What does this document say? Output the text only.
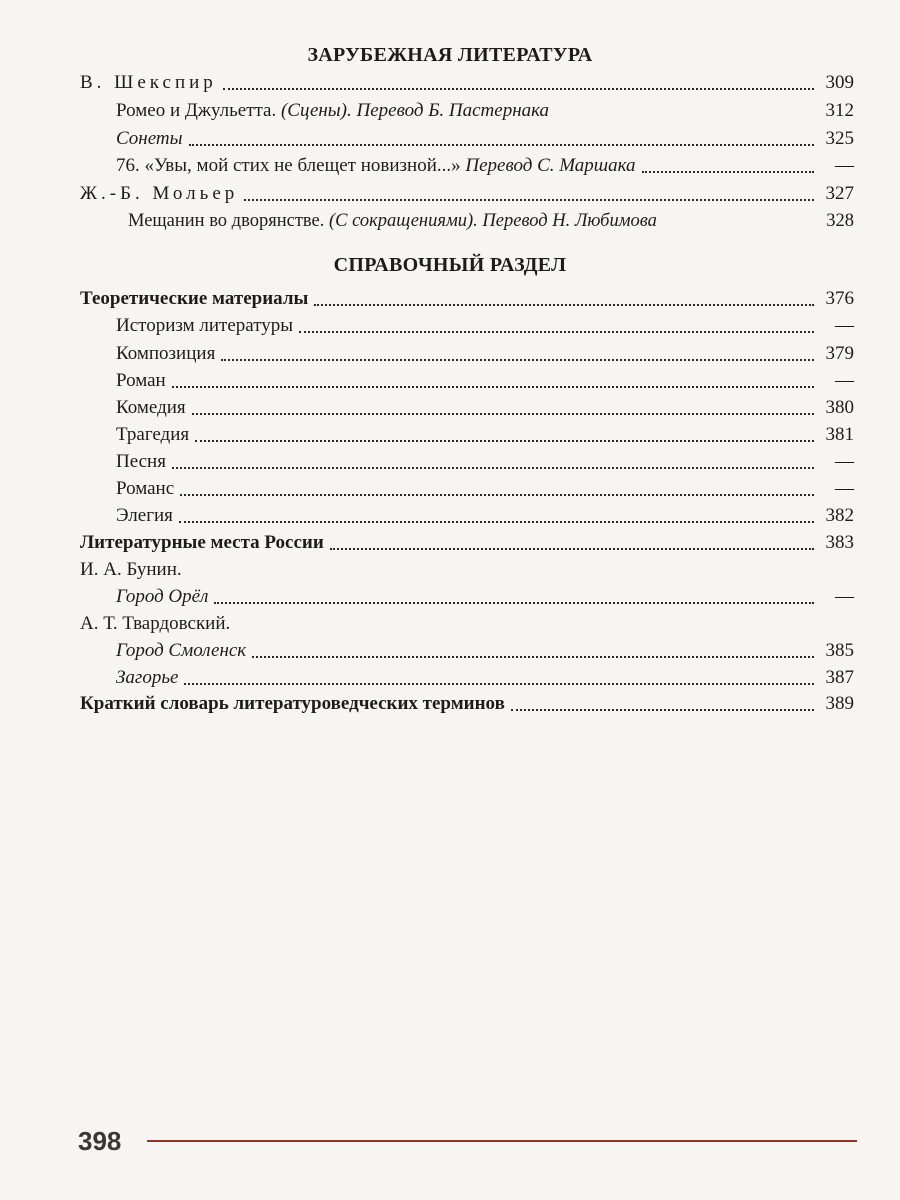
ЗАРУБЕЖНАЯ ЛИТЕРАТУРА
В. Шекспир	309
Ромео и Джульетта. (Сцены). Перевод Б. Пастернака	312
Сонеты	325
76. «Увы, мой стих не блещет новизной...» Перевод С. Маршака	—
Ж.-Б. Мольер	327
Мещанин во дворянстве. (С сокращениями). Перевод Н. Любимова	328
СПРАВОЧНЫЙ РАЗДЕЛ
Теоретические материалы	376
Историзм литературы	—
Композиция	379
Роман	—
Комедия	380
Трагедия	381
Песня	—
Романс	—
Элегия	382
Литературные места России	383
И. А. Бунин.
Город Орёл	—
А. Т. Твардовский.
Город Смоленск	385
Загорье	387
Краткий словарь литературоведческих терминов	389
398
